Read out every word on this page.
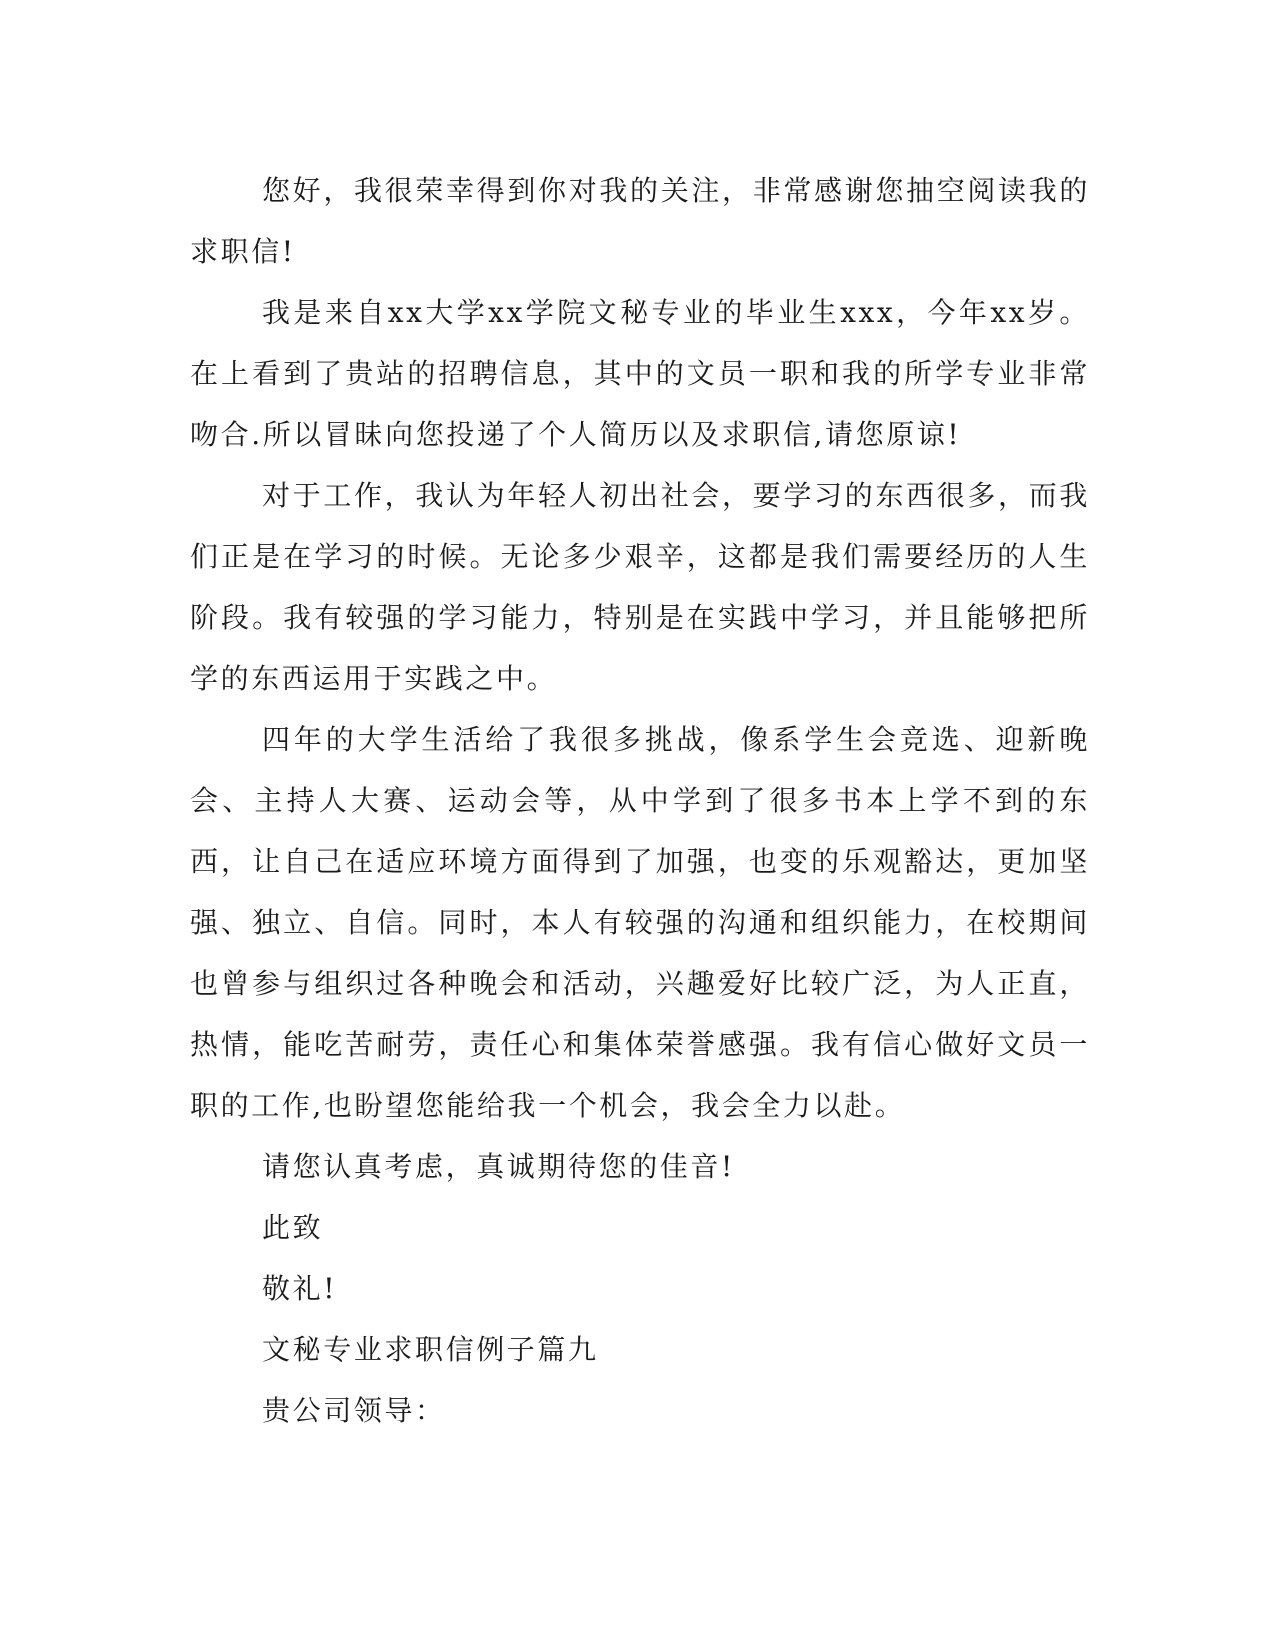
您好，我很荣幸得到你对我的关注，非常感谢您抽空阅读我的求职信!

我是来自xx大学xx学院文秘专业的毕业生xxx，今年xx岁。在上看到了贵站的招聘信息，其中的文员一职和我的所学专业非常吻合.所以冒昧向您投递了个人简历以及求职信,请您原谅!

对于工作，我认为年轻人初出社会，要学习的东西很多，而我们正是在学习的时候。无论多少艰辛，这都是我们需要经历的人生阶段。我有较强的学习能力，特别是在实践中学习，并且能够把所学的东西运用于实践之中。

四年的大学生活给了我很多挑战，像系学生会竞选、迎新晚会、主持人大赛、运动会等，从中学到了很多书本上学不到的东西，让自己在适应环境方面得到了加强，也变的乐观豁达，更加坚强、独立、自信。同时，本人有较强的沟通和组织能力，在校期间也曾参与组织过各种晚会和活动，兴趣爱好比较广泛，为人正直，热情，能吃苦耐劳，责任心和集体荣誉感强。我有信心做好文员一职的工作,也盼望您能给我一个机会，我会全力以赴。

请您认真考虑，真诚期待您的佳音!

此致

敬礼!

文秘专业求职信例子篇九

贵公司领导：
